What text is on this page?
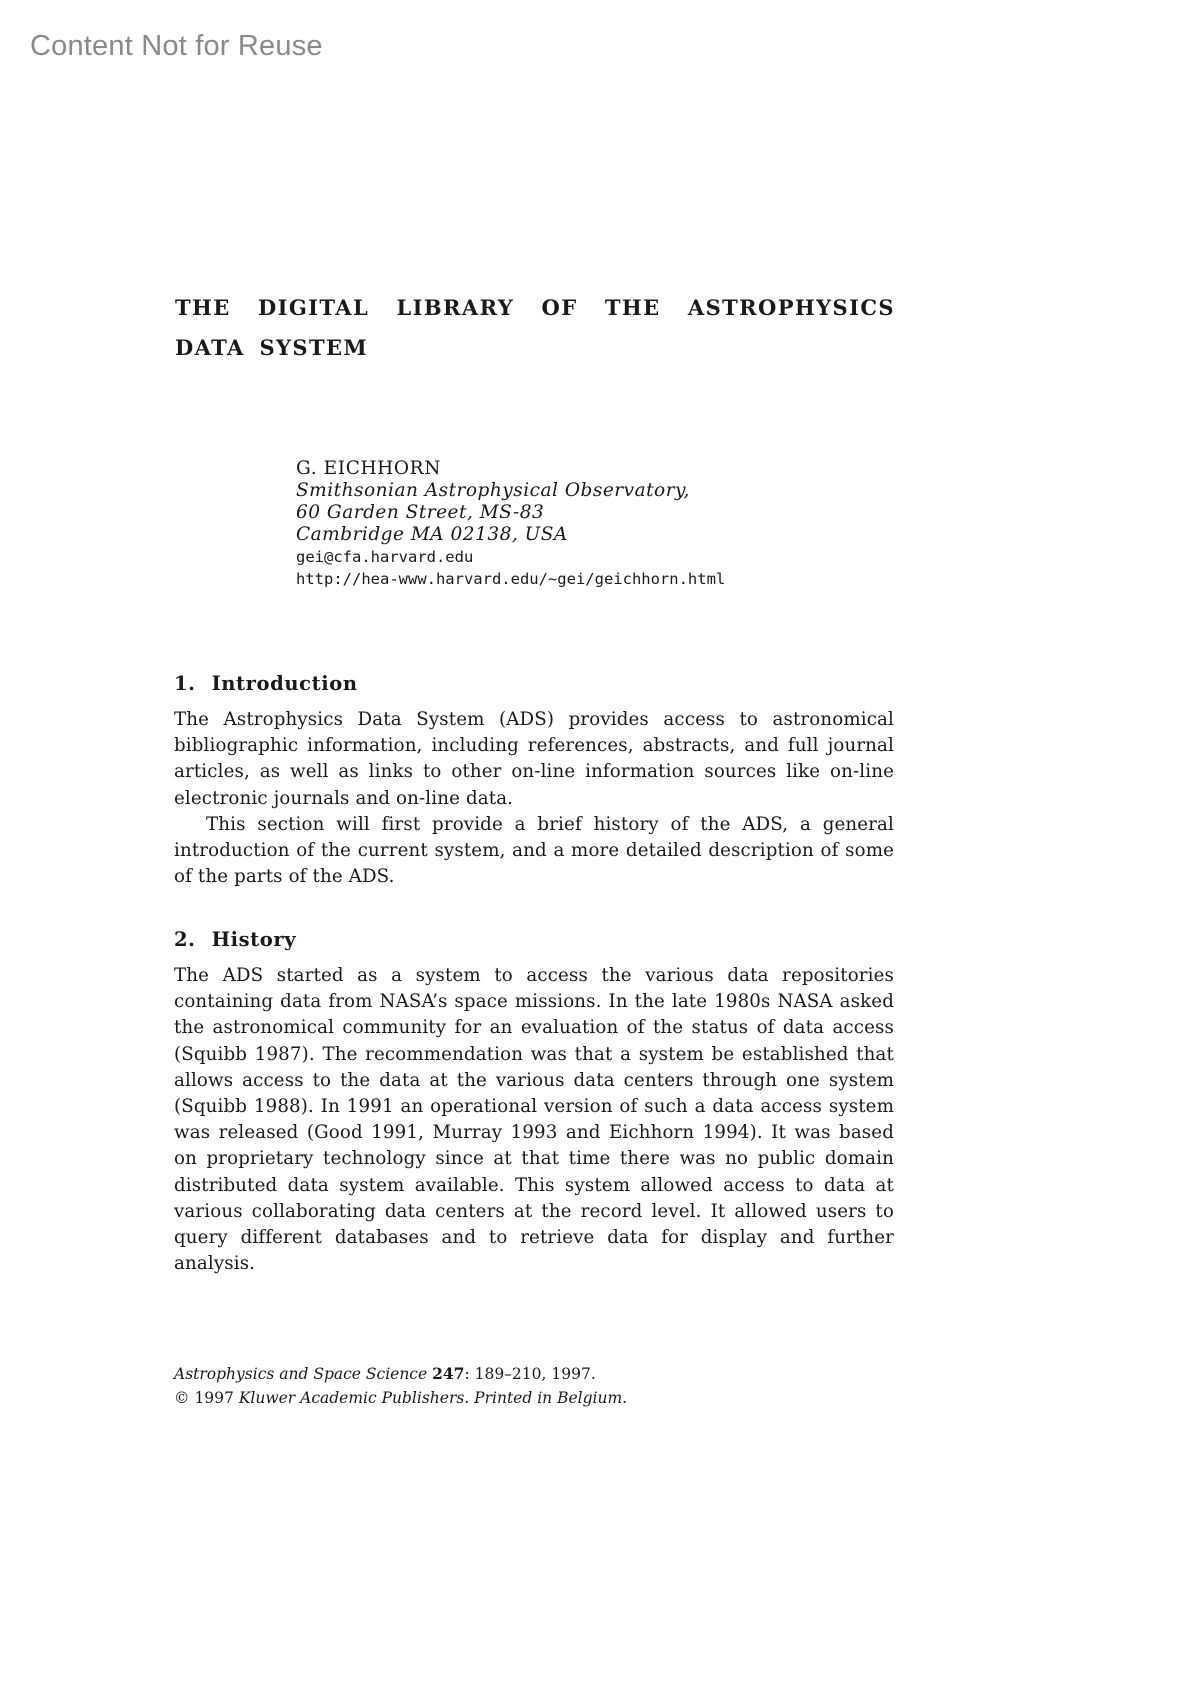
Content Not for Reuse
THE DIGITAL LIBRARY OF THE ASTROPHYSICS DATA SYSTEM
G. EICHHORN
Smithsonian Astrophysical Observatory,
60 Garden Street, MS-83
Cambridge MA 02138, USA
gei@cfa.harvard.edu
http://hea-www.harvard.edu/~gei/geichhorn.html
1. Introduction

The Astrophysics Data System (ADS) provides access to astronomical bibliographic information, including references, abstracts, and full journal articles, as well as links to other on-line information sources like on-line electronic journals and on-line data.

This section will first provide a brief history of the ADS, a general introduction of the current system, and a more detailed description of some of the parts of the ADS.

2. History

The ADS started as a system to access the various data repositories containing data from NASA’s space missions. In the late 1980s NASA asked the astronomical community for an evaluation of the status of data access (Squibb 1987). The recommendation was that a system be established that allows access to the data at the various data centers through one system (Squibb 1988). In 1991 an operational version of such a data access system was released (Good 1991, Murray 1993 and Eichhorn 1994). It was based on proprietary technology since at that time there was no public domain distributed data system available. This system allowed access to data at various collaborating data centers at the record level. It allowed users to query different databases and to retrieve data for display and further analysis.

Astrophysics and Space Science 247: 189–210, 1997.
© 1997 Kluwer Academic Publishers. Printed in Belgium.
